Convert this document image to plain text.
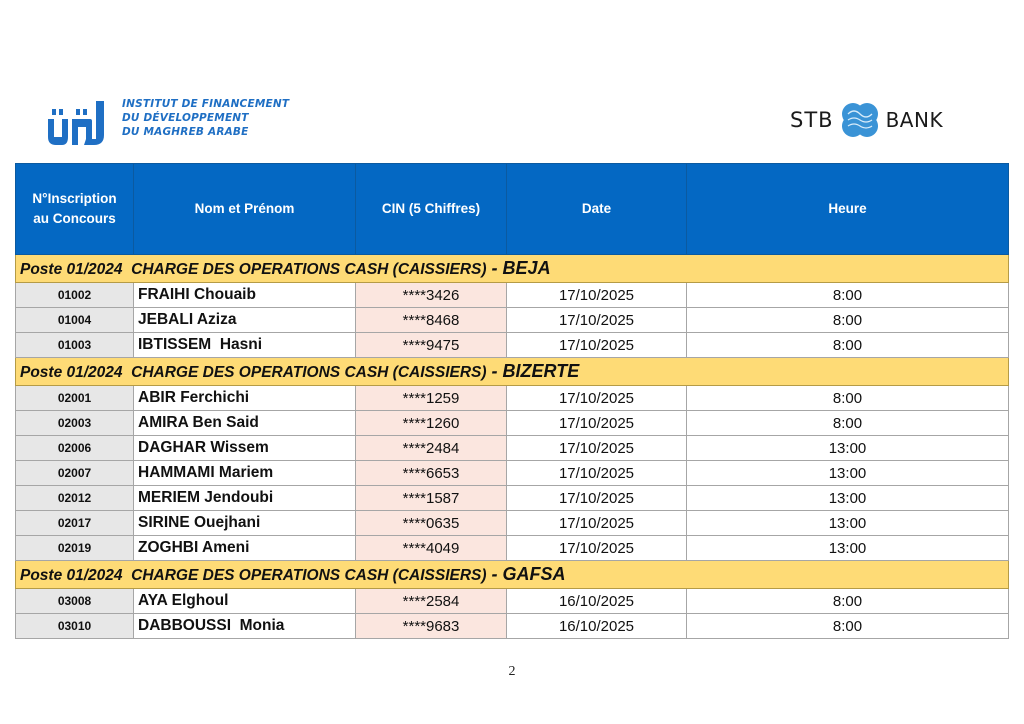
INSTITUT DE FINANCEMENT
DU DÉVELOPPEMENT
DU MAGHREB ARABE	STB	BANK
N°Inscription
au Concours	Nom et Prénom	CIN (5 Chiffres)	Date	Heure
Poste 01/2024  CHARGE DES OPERATIONS CASH (CAISSIERS) - BEJA				
01002	FRAIHI Chouaib	****3426	17/10/2025	8:00
01004	JEBALI Aziza	****8468	17/10/2025	8:00
01003	IBTISSEM  Hasni	****9475	17/10/2025	8:00
Poste 01/2024  CHARGE DES OPERATIONS CASH (CAISSIERS) - BIZERTE				
02001	ABIR Ferchichi	****1259	17/10/2025	8:00
02003	AMIRA Ben Said	****1260	17/10/2025	8:00
02006	DAGHAR Wissem	****2484	17/10/2025	13:00
02007	HAMMAMI Mariem	****6653	17/10/2025	13:00
02012	MERIEM Jendoubi	****1587	17/10/2025	13:00
02017	SIRINE Ouejhani	****0635	17/10/2025	13:00
02019	ZOGHBI Ameni	****4049	17/10/2025	13:00
Poste 01/2024  CHARGE DES OPERATIONS CASH (CAISSIERS) - GAFSA				
03008	AYA Elghoul	****2584	16/10/2025	8:00
03010	DABBOUSSI  Monia	****9683	16/10/2025	8:00
2
